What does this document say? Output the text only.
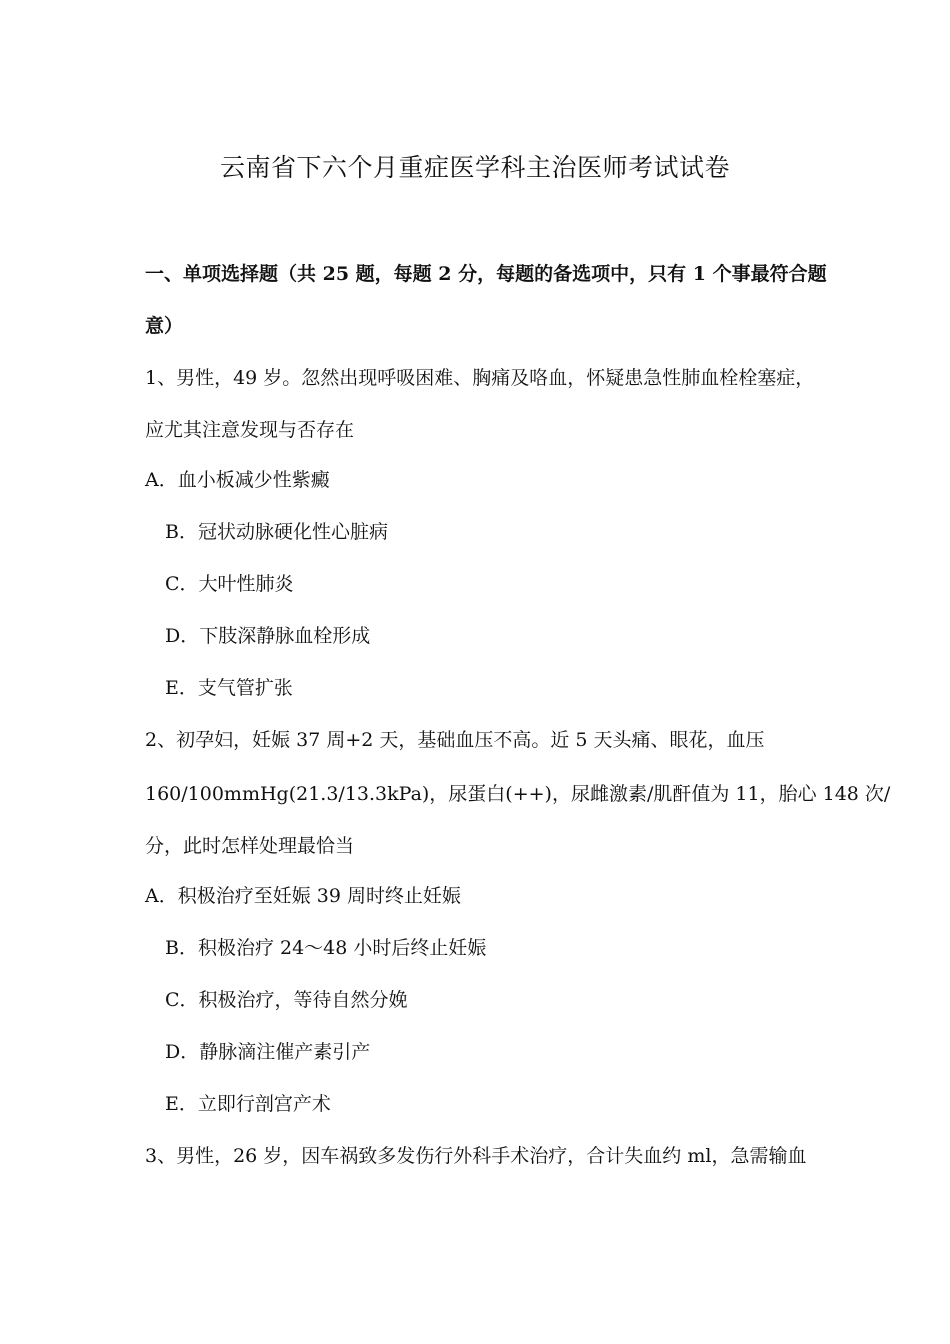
云南省下六个月重症医学科主治医师考试试卷
一、单项选择题（共 25 题，每题 2 分，每题的备选项中，只有 1 个事最符合题
意）
1、男性，49 岁。忽然出现呼吸困难、胸痛及咯血，怀疑患急性肺血栓栓塞症，
应尤其注意发现与否存在
A．血小板减少性紫癜
B．冠状动脉硬化性心脏病
C．大叶性肺炎
D．下肢深静脉血栓形成
E．支气管扩张
2、初孕妇，妊娠 37 周+2 天，基础血压不高。近 5 天头痛、眼花，血压
160/100mmHg(21.3/13.3kPa)，尿蛋白(++)，尿雌激素/肌酐值为 11，胎心 148 次/
分，此时怎样处理最恰当
A．积极治疗至妊娠 39 周时终止妊娠
B．积极治疗 24～48 小时后终止妊娠
C．积极治疗，等待自然分娩
D．静脉滴注催产素引产
E．立即行剖宫产术
3、男性，26 岁，因车祸致多发伤行外科手术治疗，合计失血约 ml，急需输血
